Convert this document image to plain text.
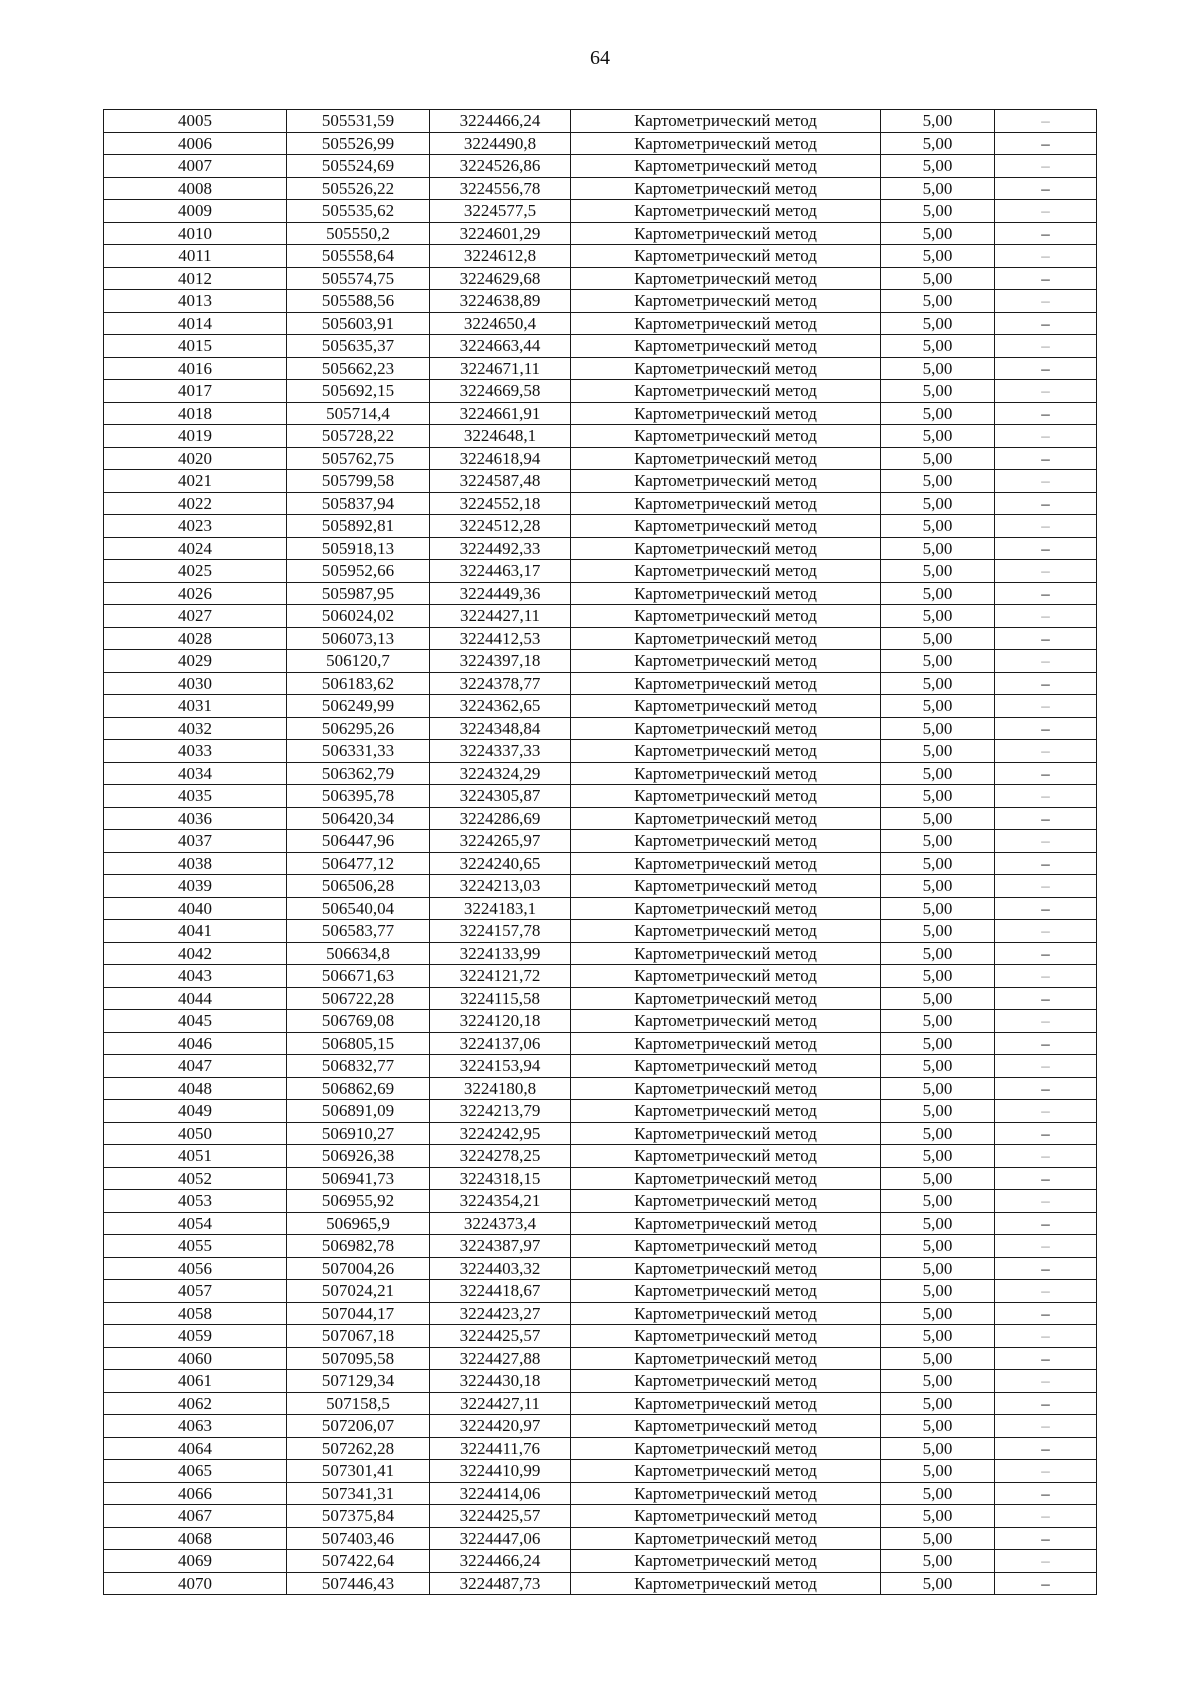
64
4005	505531,59	3224466,24	Картометрический метод	5,00	–
4006	505526,99	3224490,8	Картометрический метод	5,00	–
4007	505524,69	3224526,86	Картометрический метод	5,00	–
4008	505526,22	3224556,78	Картометрический метод	5,00	–
4009	505535,62	3224577,5	Картометрический метод	5,00	–
4010	505550,2	3224601,29	Картометрический метод	5,00	–
4011	505558,64	3224612,8	Картометрический метод	5,00	–
4012	505574,75	3224629,68	Картометрический метод	5,00	–
4013	505588,56	3224638,89	Картометрический метод	5,00	–
4014	505603,91	3224650,4	Картометрический метод	5,00	–
4015	505635,37	3224663,44	Картометрический метод	5,00	–
4016	505662,23	3224671,11	Картометрический метод	5,00	–
4017	505692,15	3224669,58	Картометрический метод	5,00	–
4018	505714,4	3224661,91	Картометрический метод	5,00	–
4019	505728,22	3224648,1	Картометрический метод	5,00	–
4020	505762,75	3224618,94	Картометрический метод	5,00	–
4021	505799,58	3224587,48	Картометрический метод	5,00	–
4022	505837,94	3224552,18	Картометрический метод	5,00	–
4023	505892,81	3224512,28	Картометрический метод	5,00	–
4024	505918,13	3224492,33	Картометрический метод	5,00	–
4025	505952,66	3224463,17	Картометрический метод	5,00	–
4026	505987,95	3224449,36	Картометрический метод	5,00	–
4027	506024,02	3224427,11	Картометрический метод	5,00	–
4028	506073,13	3224412,53	Картометрический метод	5,00	–
4029	506120,7	3224397,18	Картометрический метод	5,00	–
4030	506183,62	3224378,77	Картометрический метод	5,00	–
4031	506249,99	3224362,65	Картометрический метод	5,00	–
4032	506295,26	3224348,84	Картометрический метод	5,00	–
4033	506331,33	3224337,33	Картометрический метод	5,00	–
4034	506362,79	3224324,29	Картометрический метод	5,00	–
4035	506395,78	3224305,87	Картометрический метод	5,00	–
4036	506420,34	3224286,69	Картометрический метод	5,00	–
4037	506447,96	3224265,97	Картометрический метод	5,00	–
4038	506477,12	3224240,65	Картометрический метод	5,00	–
4039	506506,28	3224213,03	Картометрический метод	5,00	–
4040	506540,04	3224183,1	Картометрический метод	5,00	–
4041	506583,77	3224157,78	Картометрический метод	5,00	–
4042	506634,8	3224133,99	Картометрический метод	5,00	–
4043	506671,63	3224121,72	Картометрический метод	5,00	–
4044	506722,28	3224115,58	Картометрический метод	5,00	–
4045	506769,08	3224120,18	Картометрический метод	5,00	–
4046	506805,15	3224137,06	Картометрический метод	5,00	–
4047	506832,77	3224153,94	Картометрический метод	5,00	–
4048	506862,69	3224180,8	Картометрический метод	5,00	–
4049	506891,09	3224213,79	Картометрический метод	5,00	–
4050	506910,27	3224242,95	Картометрический метод	5,00	–
4051	506926,38	3224278,25	Картометрический метод	5,00	–
4052	506941,73	3224318,15	Картометрический метод	5,00	–
4053	506955,92	3224354,21	Картометрический метод	5,00	–
4054	506965,9	3224373,4	Картометрический метод	5,00	–
4055	506982,78	3224387,97	Картометрический метод	5,00	–
4056	507004,26	3224403,32	Картометрический метод	5,00	–
4057	507024,21	3224418,67	Картометрический метод	5,00	–
4058	507044,17	3224423,27	Картометрический метод	5,00	–
4059	507067,18	3224425,57	Картометрический метод	5,00	–
4060	507095,58	3224427,88	Картометрический метод	5,00	–
4061	507129,34	3224430,18	Картометрический метод	5,00	–
4062	507158,5	3224427,11	Картометрический метод	5,00	–
4063	507206,07	3224420,97	Картометрический метод	5,00	–
4064	507262,28	3224411,76	Картометрический метод	5,00	–
4065	507301,41	3224410,99	Картометрический метод	5,00	–
4066	507341,31	3224414,06	Картометрический метод	5,00	–
4067	507375,84	3224425,57	Картометрический метод	5,00	–
4068	507403,46	3224447,06	Картометрический метод	5,00	–
4069	507422,64	3224466,24	Картометрический метод	5,00	–
4070	507446,43	3224487,73	Картометрический метод	5,00	–
